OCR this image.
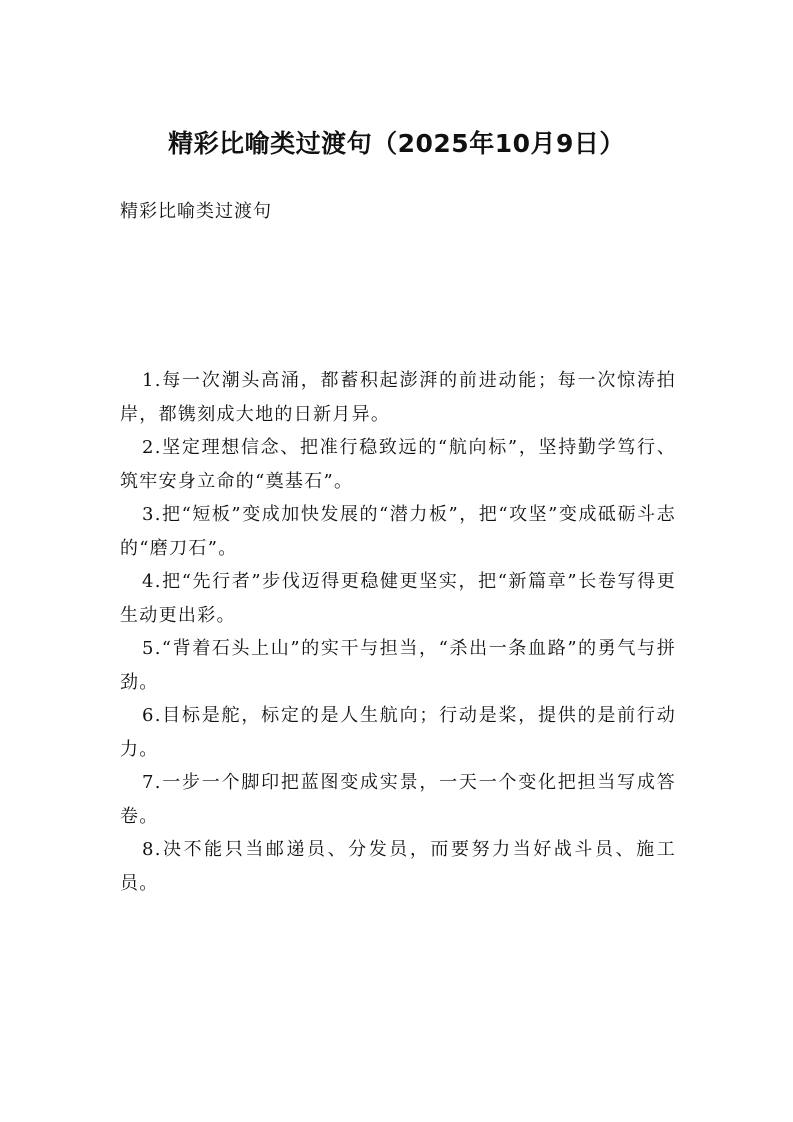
精彩比喻类过渡句（2025年10月9日）

精彩比喻类过渡句

1.每一次潮头高涌，都蓄积起澎湃的前进动能；每一次惊涛拍岸，都镌刻成大地的日新月异。

2.坚定理想信念、把准行稳致远的“航向标”，坚持勤学笃行、筑牢安身立命的“奠基石”。

3.把“短板”变成加快发展的“潜力板”，把“攻坚”变成砥砺斗志的“磨刀石”。

4.把“先行者”步伐迈得更稳健更坚实，把“新篇章”长卷写得更生动更出彩。

5.“背着石头上山”的实干与担当，“杀出一条血路”的勇气与拼劲。

6.目标是舵，标定的是人生航向；行动是桨，提供的是前行动力。

7.一步一个脚印把蓝图变成实景，一天一个变化把担当写成答卷。

8.决不能只当邮递员、分发员，而要努力当好战斗员、施工员。
